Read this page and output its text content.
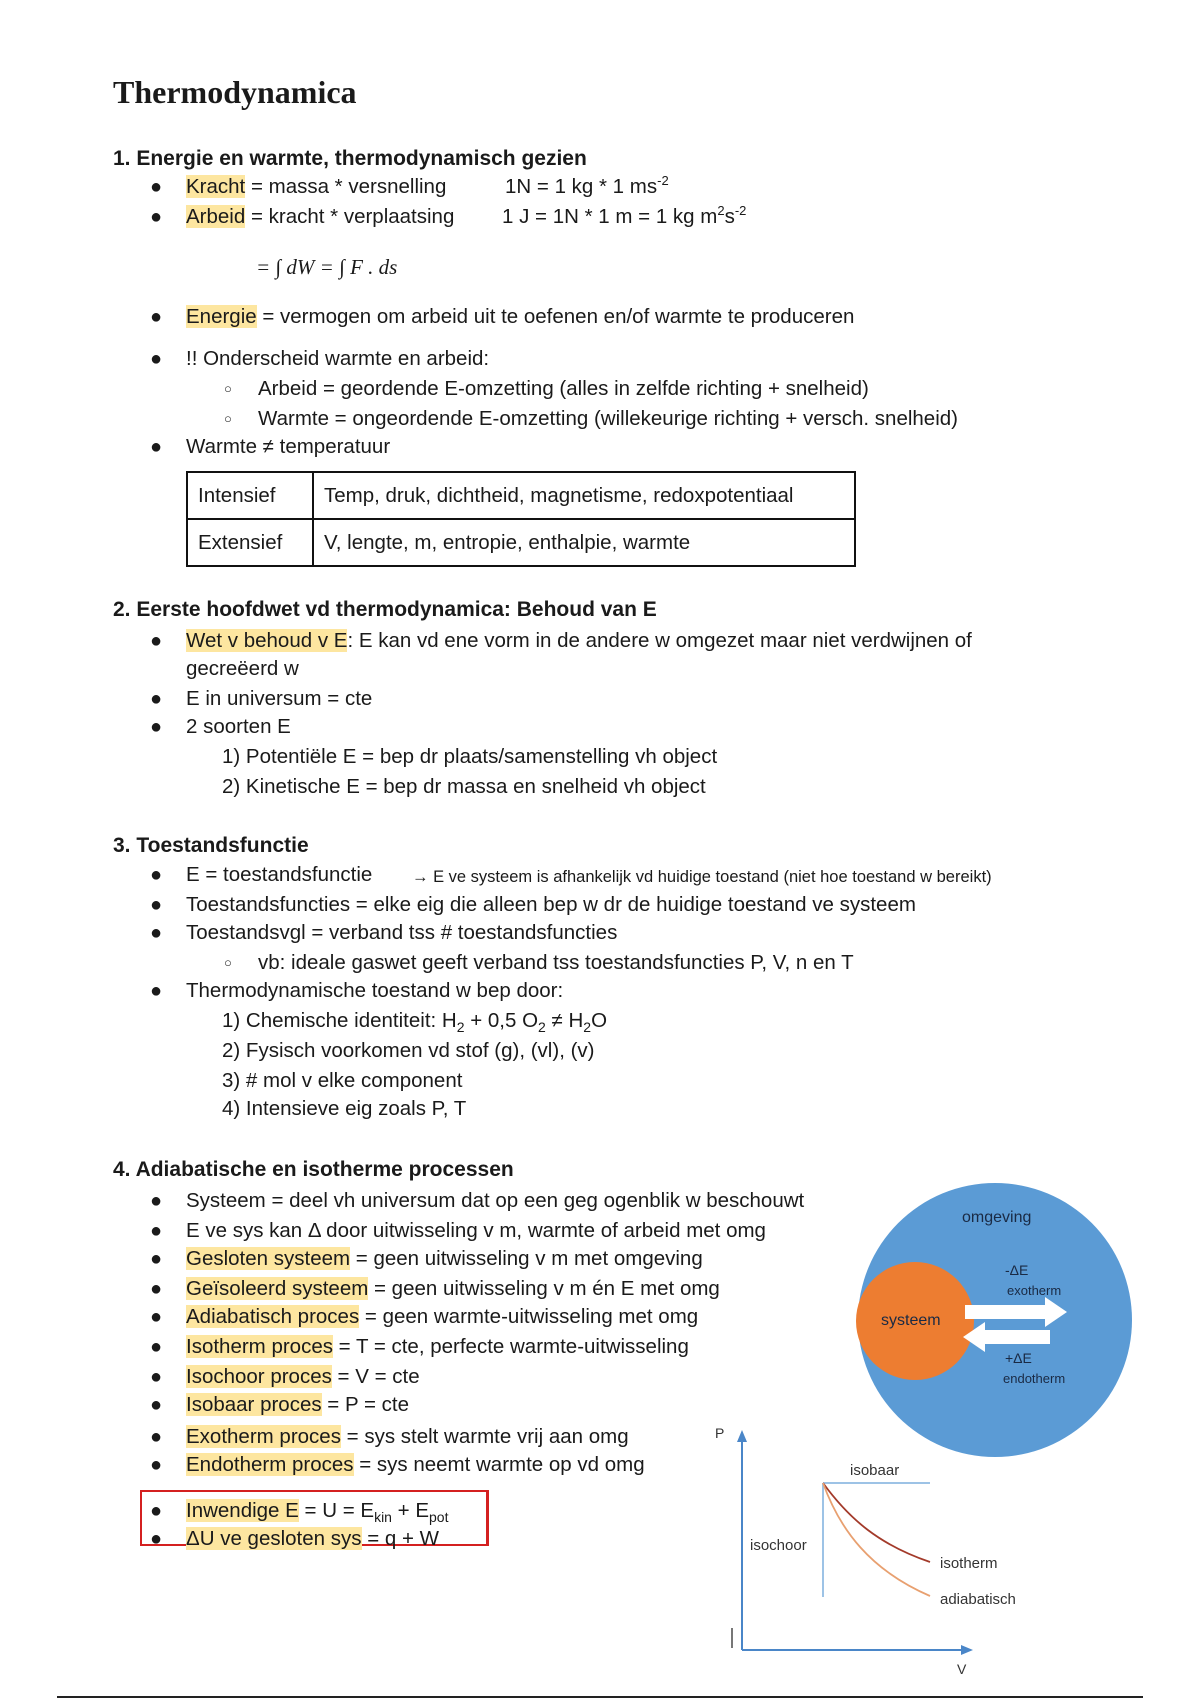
Thermodynamica
1. Energie en warmte, thermodynamisch gezien
● Kracht = massa * versnelling	1N = 1 kg * 1 $ms^{-2}$
● Arbeid = kracht * verplaatsing 1 J = 1N * 1 m = 1 kg $m^2s^{-2}$
= ∫ dW = ∫ F . ds
● Energie = vermogen om arbeid uit te oefenen en/of warmte te produceren
● !! Onderscheid warmte en arbeid:
○ Arbeid = geordende E-omzetting (alles in zelfde richting + snelheid)
○ Warmte = ongeordende E-omzetting (willekeurige richting + versch. snelheid)
● Warmte ≠ temperatuur
Intensief	Temp, druk, dichtheid, magnetisme, redoxpotentiaal
Extensief	V, lengte, m, entropie, enthalpie, warmte
2. Eerste hoofdwet vd thermodynamica: Behoud van E
● Wet v behoud v E: E kan vd ene vorm in de andere w omgezet maar niet verdwijnen of
gecreëerd w
● E in universum = cte
● 2 soorten E
1) Potentiële E = bep dr plaats/samenstelling vh object
2) Kinetische E = bep dr massa en snelheid vh object
3. Toestandsfunctie
● E = toestandsfunctie → E ve systeem is afhankelijk vd huidige toestand (niet hoe toestand w bereikt)
● Toestandsfuncties = elke eig die alleen bep w dr de huidige toestand ve systeem
● Toestandsvgl = verband tss # toestandsfuncties
○ vb: ideale gaswet geeft verband tss toestandsfuncties P, V, n en T
● Thermodynamische toestand w bep door:
1) Chemische identiteit: $H_2 + 0,5$ $O_2 \ne H_2O$
2) Fysisch voorkomen vd stof (g), (vl), (v)
3) # mol v elke component
4) Intensieve eig zoals P, T
4. Adiabatische en isotherme processen
● Systeem = deel vh universum dat op een geg ogenblik w beschouwt
● E ve sys kan Δ door uitwisseling v m, warmte of arbeid met omg
● Gesloten systeem = geen uitwisseling v m met omgeving
● Geïsoleerd systeem = geen uitwisseling v m én E met omg
● Adiabatisch proces = geen warmte-uitwisseling met omg
● Isotherm proces = T = cte, perfecte warmte-uitwisseling
● Isochoor proces = V = cte
● Isobaar proces = P = cte
● Exotherm proces = sys stelt warmte vrij aan omg
● Endotherm proces = sys neemt warmte op vd omg
● Inwendige $E = U = E_{kin} + E_{pot}$
● ΔU ve gesloten sys = q + W
omgeving
systeem
-ΔE
exotherm
+ΔE
endotherm
P
V
isobaar
isochoor
isotherm
adiabatisch
